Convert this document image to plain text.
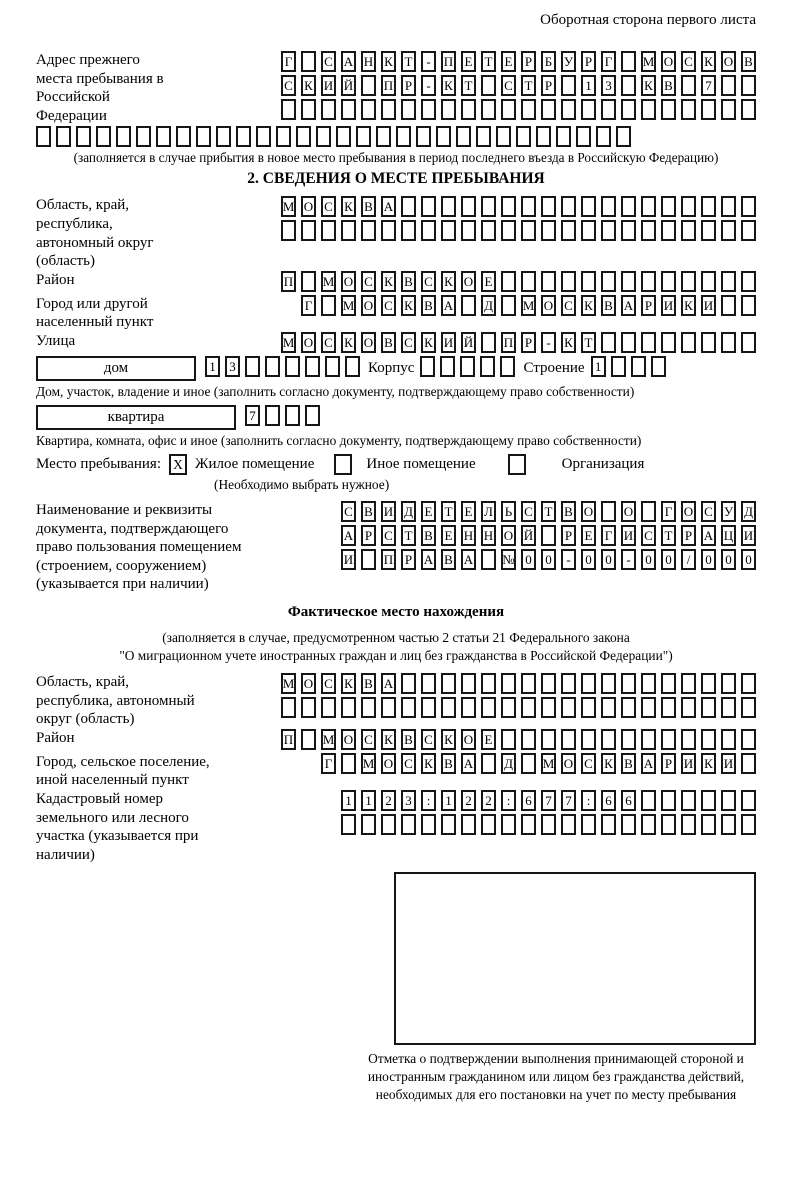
Оборотная сторона первого листа
Адрес прежнего места пребывания в Российской Федерации
Г С А Н К Т	-	П Е Т Е Р Б У Р Г М О С К О В
С К И Й П Р	-	К Т С Т Р	1	3	К В	7
(заполняется в случае прибытия в новое место пребывания в период последнего въезда в Российскую Федерацию)
2. СВЕДЕНИЯ О МЕСТЕ ПРЕБЫВАНИЯ
Область, край, республика, автономный округ (область)
М О С К В А
Район	П М О С К В С К О Е
Город или другой населенный пункт
Г М О С К В А Д М О С К В А Р И К И
Улица	М О С К О В С К И Й П Р	-	К Т
дом	1	3	Корпус	Строение 1
Дом, участок, владение и иное (заполнить согласно документу, подтверждающему право собственности)
квартира	7
Квартира, комната, офис и иное (заполнить согласно документу, подтверждающему право собственности)
Место пребывания: X Жилое помещение	Иное помещение	Организация
(Необходимо выбрать нужное)
Наименование и реквизиты документа, подтверждающего право пользования помещением (строением, сооружением) (указывается при наличии)
С В И Д Е Т Е Л Ь С Т В О О Г О С У Д
А Р С Т В Е Н Н О Й Р Е Г И С Т Р А Ц И
И П Р А В А № 0	0	-	0	0	-	0	0	/	0	0	0
Фактическое место нахождения
(заполняется в случае, предусмотренном частью 2 статьи 21 Федерального закона
"О миграционном учете иностранных граждан и лиц без гражданства в Российской Федерации")
Область, край, республика, автономный округ (область)
М О С К В А
Район	П М О С К В С К О Е
Город, сельское поселение, иной населенный пункт
Г М О С К В А Д М О С К В А Р И К И
Кадастровый номер земельного или лесного участка (указывается при наличии)
1	1	2	3	:	1	2	2	:	6	7	7	:	6	6
Отметка о подтверждении выполнения принимающей стороной и иностранным гражданином или лицом без гражданства действий, необходимых для его постановки на учет по месту пребывания
